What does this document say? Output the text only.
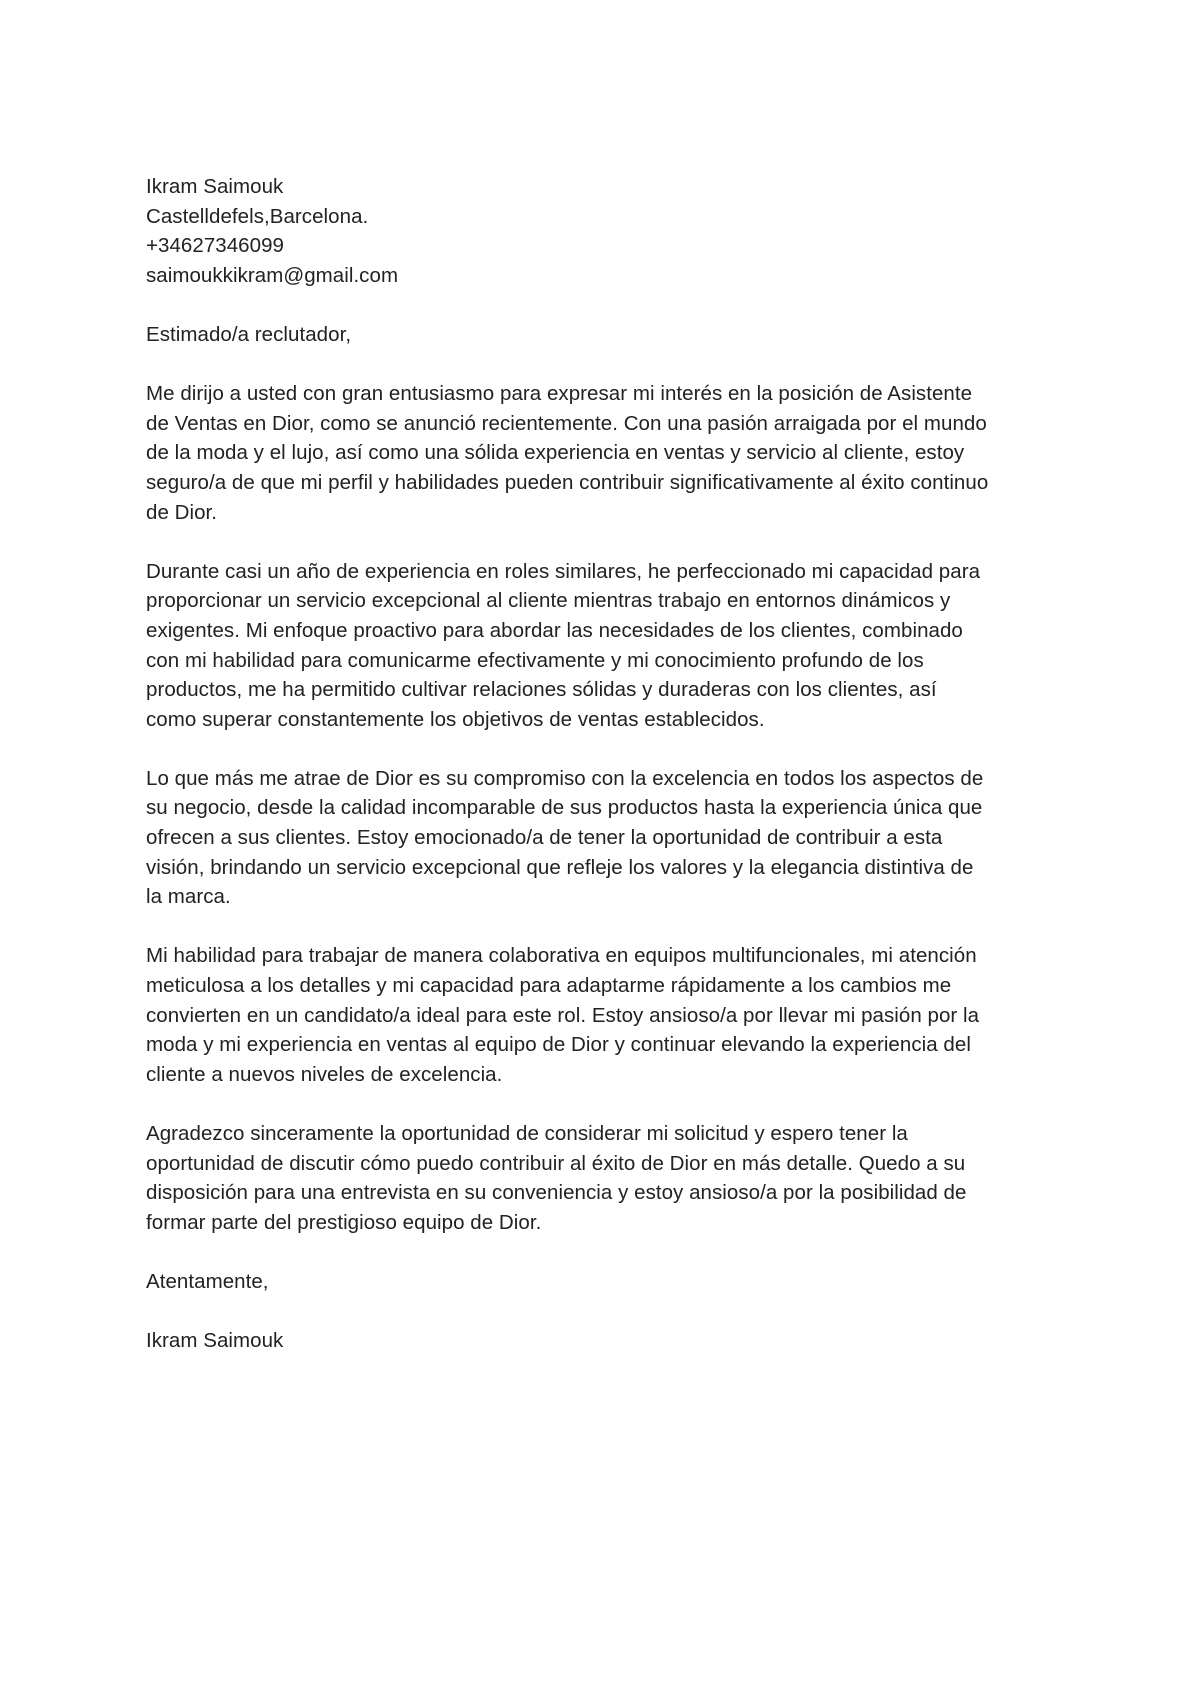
Ikram Saimouk
Castelldefels,Barcelona.
+34627346099
saimoukkikram@gmail.com
Estimado/a reclutador,
Me dirijo a usted con gran entusiasmo para expresar mi interés en la posición de Asistente
de Ventas en Dior, como se anunció recientemente. Con una pasión arraigada por el mundo
de la moda y el lujo, así como una sólida experiencia en ventas y servicio al cliente, estoy
seguro/a de que mi perfil y habilidades pueden contribuir significativamente al éxito continuo
de Dior.
Durante casi un año de experiencia en roles similares, he perfeccionado mi capacidad para
proporcionar un servicio excepcional al cliente mientras trabajo en entornos dinámicos y
exigentes. Mi enfoque proactivo para abordar las necesidades de los clientes, combinado
con mi habilidad para comunicarme efectivamente y mi conocimiento profundo de los
productos, me ha permitido cultivar relaciones sólidas y duraderas con los clientes, así
como superar constantemente los objetivos de ventas establecidos.
Lo que más me atrae de Dior es su compromiso con la excelencia en todos los aspectos de
su negocio, desde la calidad incomparable de sus productos hasta la experiencia única que
ofrecen a sus clientes. Estoy emocionado/a de tener la oportunidad de contribuir a esta
visión, brindando un servicio excepcional que refleje los valores y la elegancia distintiva de
la marca.
Mi habilidad para trabajar de manera colaborativa en equipos multifuncionales, mi atención
meticulosa a los detalles y mi capacidad para adaptarme rápidamente a los cambios me
convierten en un candidato/a ideal para este rol. Estoy ansioso/a por llevar mi pasión por la
moda y mi experiencia en ventas al equipo de Dior y continuar elevando la experiencia del
cliente a nuevos niveles de excelencia.
Agradezco sinceramente la oportunidad de considerar mi solicitud y espero tener la
oportunidad de discutir cómo puedo contribuir al éxito de Dior en más detalle. Quedo a su
disposición para una entrevista en su conveniencia y estoy ansioso/a por la posibilidad de
formar parte del prestigioso equipo de Dior.
Atentamente,
Ikram Saimouk
